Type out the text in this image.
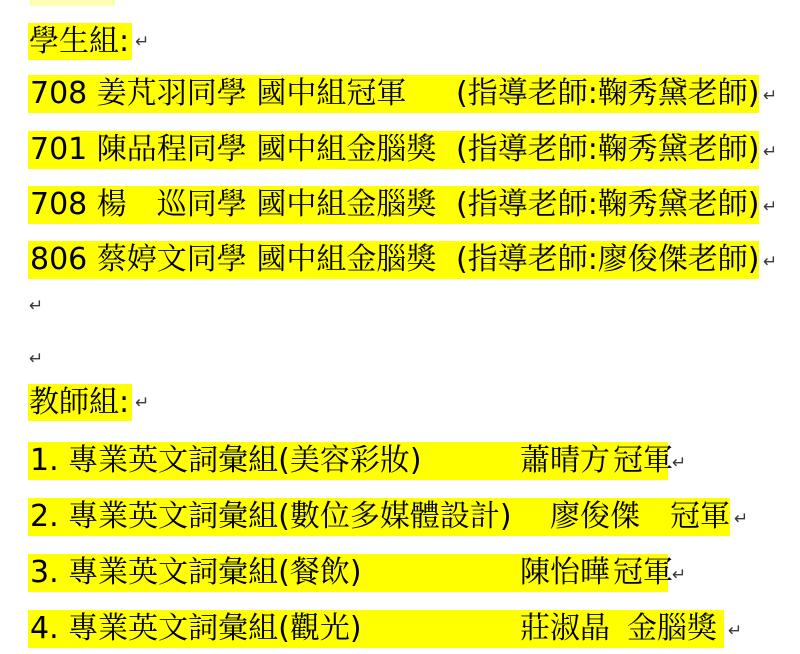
學生組: ↵
708 姜芃羽同學 國中組冠軍 (指導老師:鞠秀黛老師) ↵
701 陳品程同學 國中組金腦獎 (指導老師:鞠秀黛老師) ↵
708 楊　巡同學 國中組金腦獎 (指導老師:鞠秀黛老師) ↵
806 蔡婷文同學 國中組金腦獎 (指導老師:廖俊傑老師) ↵
↵
↵
教師組: ↵
1. 專業英文詞彙組(美容彩妝)	蕭晴方 冠軍 ↵
2. 專業英文詞彙組(數位多媒體設計) 廖俊傑 冠軍 ↵
3. 專業英文詞彙組(餐飲)	陳怡曄 冠軍 ↵
4. 專業英文詞彙組(觀光)	莊淑晶 金腦獎 ↵
